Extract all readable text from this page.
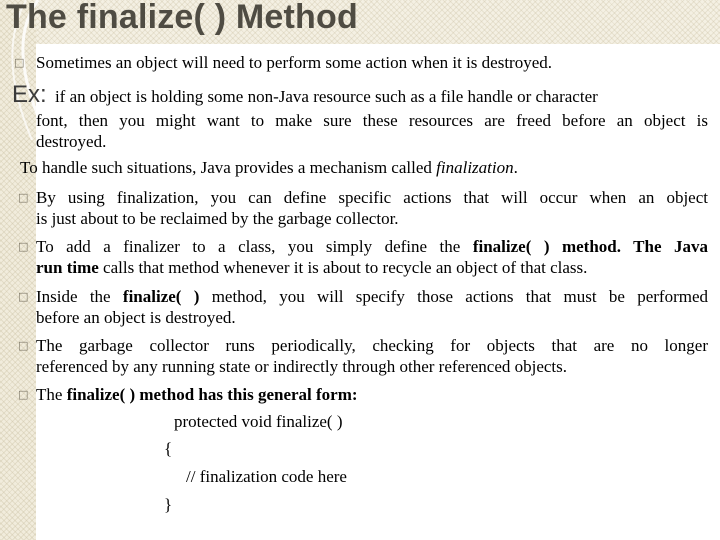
The finalize( ) Method
□ Sometimes an object will need to perform some action when it is destroyed.
Ex: if an object is holding some non-Java resource such as a file handle or character
font, then you might want to make sure these resources are freed before an object is
destroyed.
To handle such situations, Java provides a mechanism called finalization.
□ By using finalization, you can define specific actions that will occur when an object
is just about to be reclaimed by the garbage collector.
□ To add a finalizer to a class, you simply define the finalize( ) method. The Java
run time calls that method whenever it is about to recycle an object of that class.
□ Inside the finalize( ) method, you will specify those actions that must be performed
before an object is destroyed.
□ The garbage collector runs periodically, checking for objects that are no longer
referenced by any running state or indirectly through other referenced objects.
□ The finalize( ) method has this general form:
protected void finalize( )
{
// finalization code here
}
